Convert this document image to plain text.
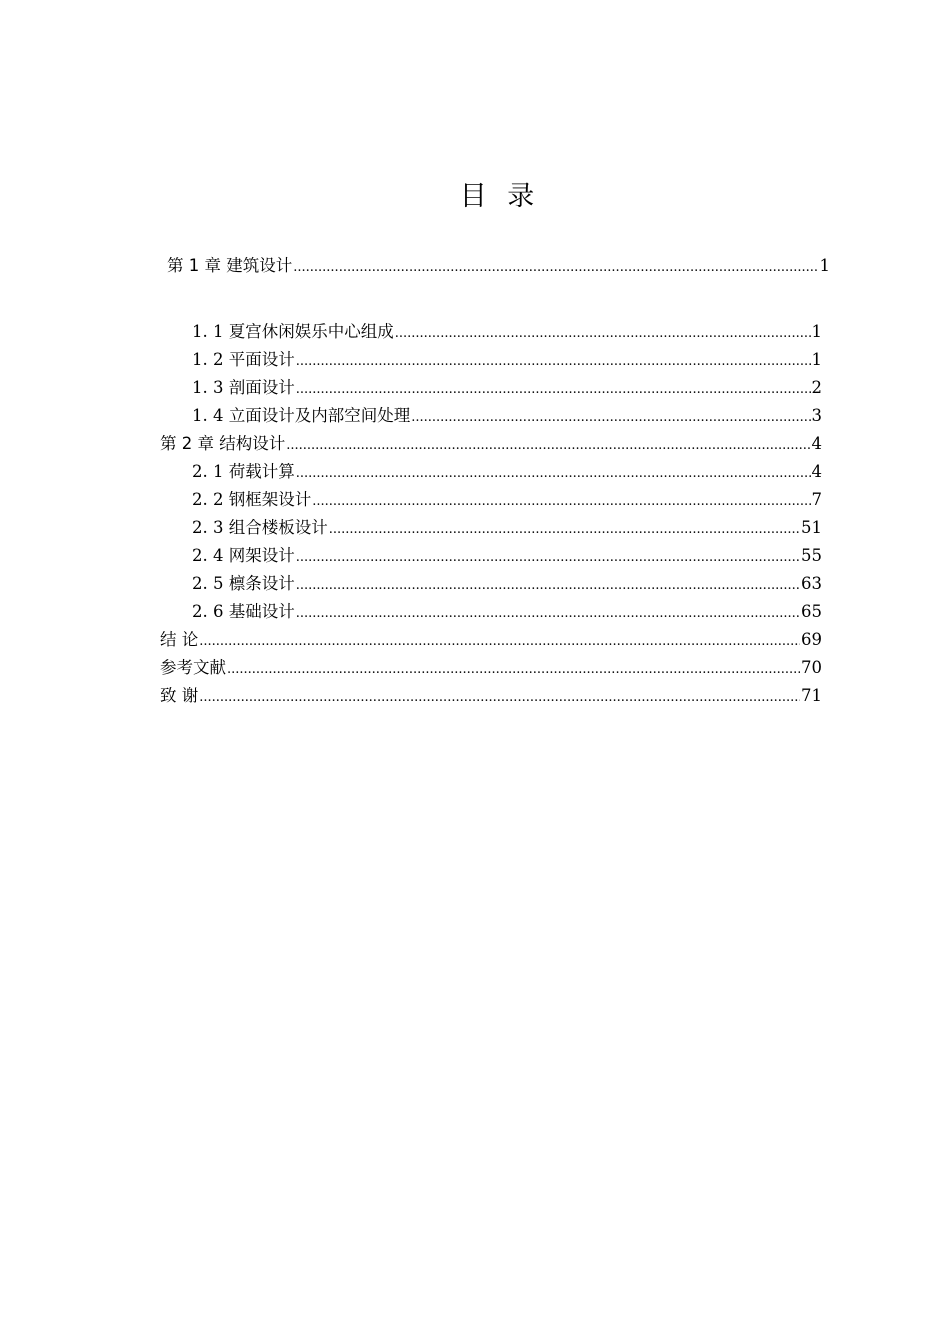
目 录
第 1 章 建筑设计 .....	1
1. 1 夏宫休闲娱乐中心组成 .....	1
1. 2 平面设计 .....	1
1. 3 剖面设计 .....	2
1. 4 立面设计及内部空间处理 .....	3
第 2 章 结构设计 .....	4
2. 1 荷载计算 .....	4
2. 2 钢框架设计 .....	7
2. 3 组合楼板设计 .....	51
2. 4 网架设计 .....	55
2. 5 檩条设计 .....	63
2. 6 基础设计 .....	65
结 论 .....	69
参考文献 .....	70
致 谢 .....	71
